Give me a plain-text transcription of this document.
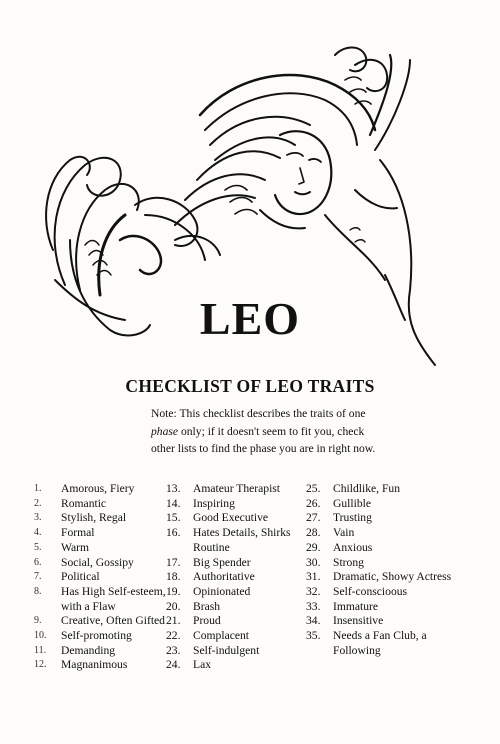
LEO
CHECKLIST OF LEO TRAITS
Note: This checklist describes the traits of one phase only; if it doesn't seem to fit you, check other lists to find the phase you are in right now.
1.	Amorous, Fiery
2.	Romantic
3.	Stylish, Regal
4.	Formal
5.	Warm
6.	Social, Gossipy
7.	Political
8.	Has High Self-esteem, with a Flaw
9.	Creative, Often Gifted
10.	Self-promoting
11.	Demanding
12.	Magnanimous
13.	Amateur Therapist
14.	Inspiring
15.	Good Executive
16.	Hates Details, Shirks Routine
17.	Big Spender
18.	Authoritative
19.	Opinionated
20.	Brash
21.	Proud
22.	Complacent
23.	Self-indulgent
24.	Lax
25.	Childlike, Fun
26.	Gullible
27.	Trusting
28.	Vain
29.	Anxious
30.	Strong
31.	Dramatic, Showy Actress
32.	Self-conscioous
33.	Immature
34.	Insensitive
35.	Needs a Fan Club, a Following
